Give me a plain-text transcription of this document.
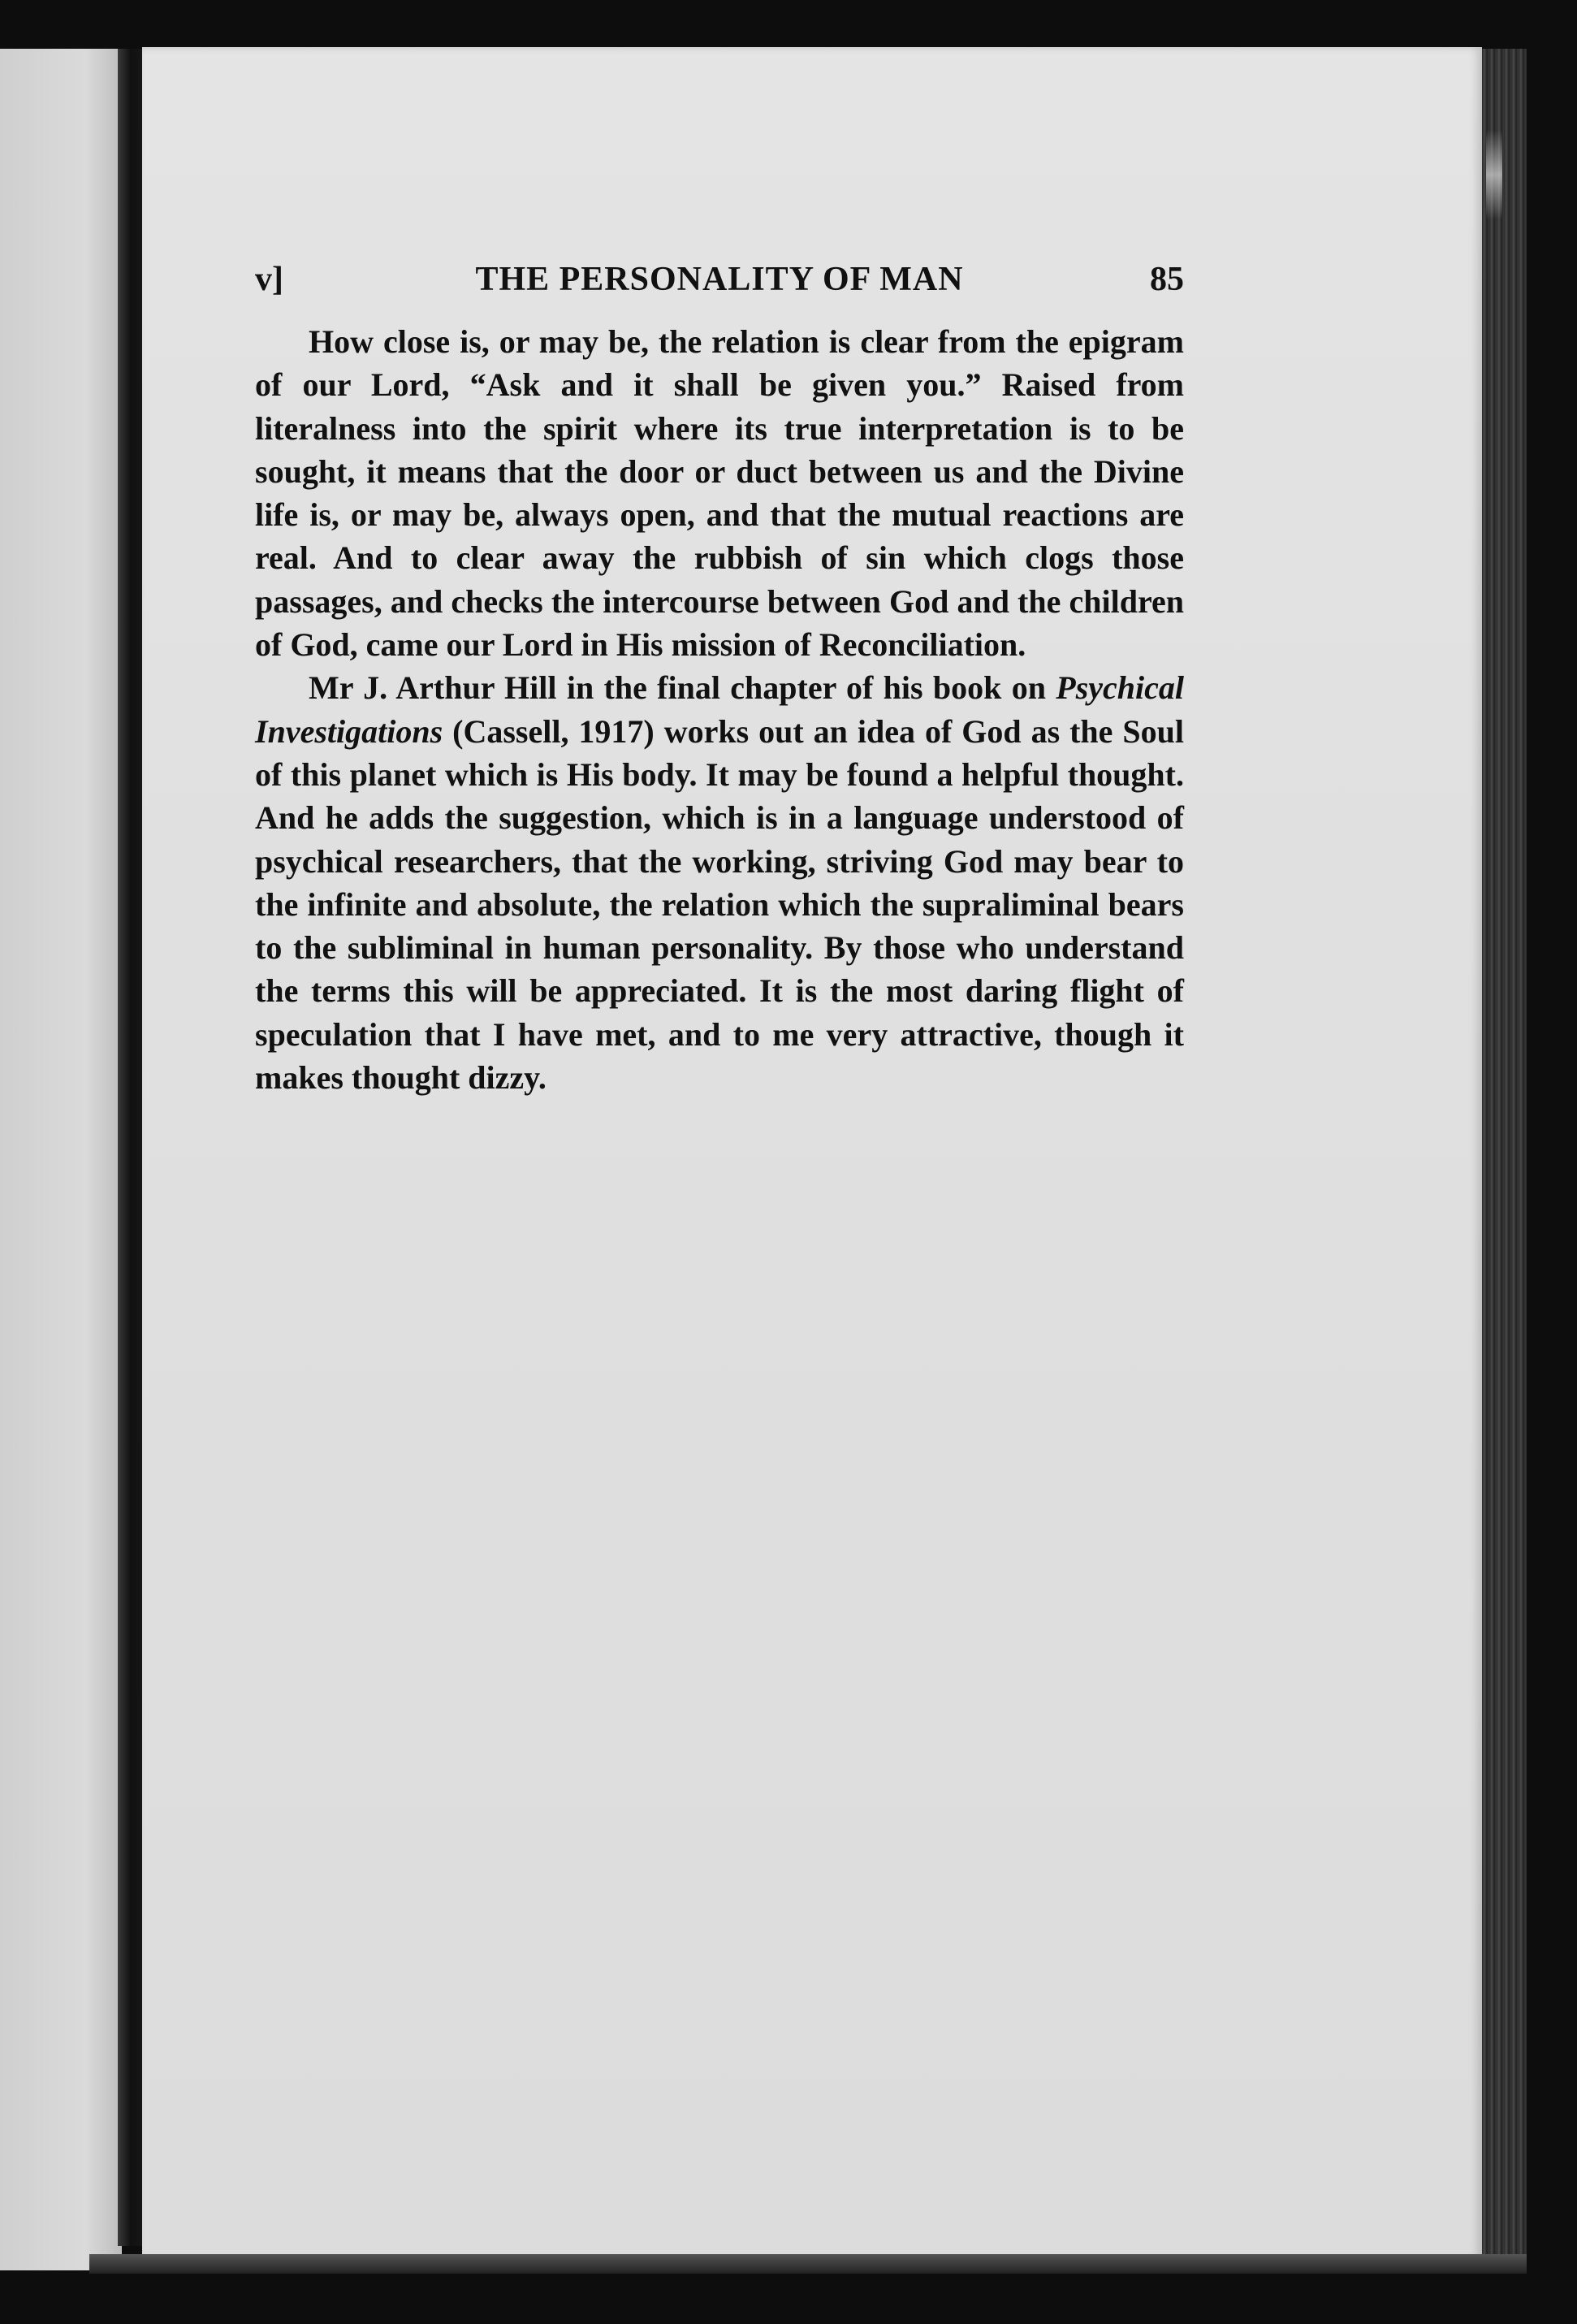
v]	THE PERSONALITY OF MAN	85

How close is, or may be, the relation is clear from the epigram of our Lord, “Ask and it shall be given you.” Raised from literalness into the spirit where its true interpretation is to be sought, it means that the door or duct between us and the Divine life is, or may be, always open, and that the mutual reactions are real. And to clear away the rubbish of sin which clogs those passages, and checks the intercourse between God and the children of God, came our Lord in His mission of Reconciliation.

Mr J. Arthur Hill in the final chapter of his book on Psychical Investigations (Cassell, 1917) works out an idea of God as the Soul of this planet which is His body. It may be found a helpful thought. And he adds the suggestion, which is in a language understood of psychical researchers, that the working, striving God may bear to the infinite and absolute, the relation which the supraliminal bears to the subliminal in human personality. By those who understand the terms this will be appreciated. It is the most daring flight of speculation that I have met, and to me very attractive, though it makes thought dizzy.
